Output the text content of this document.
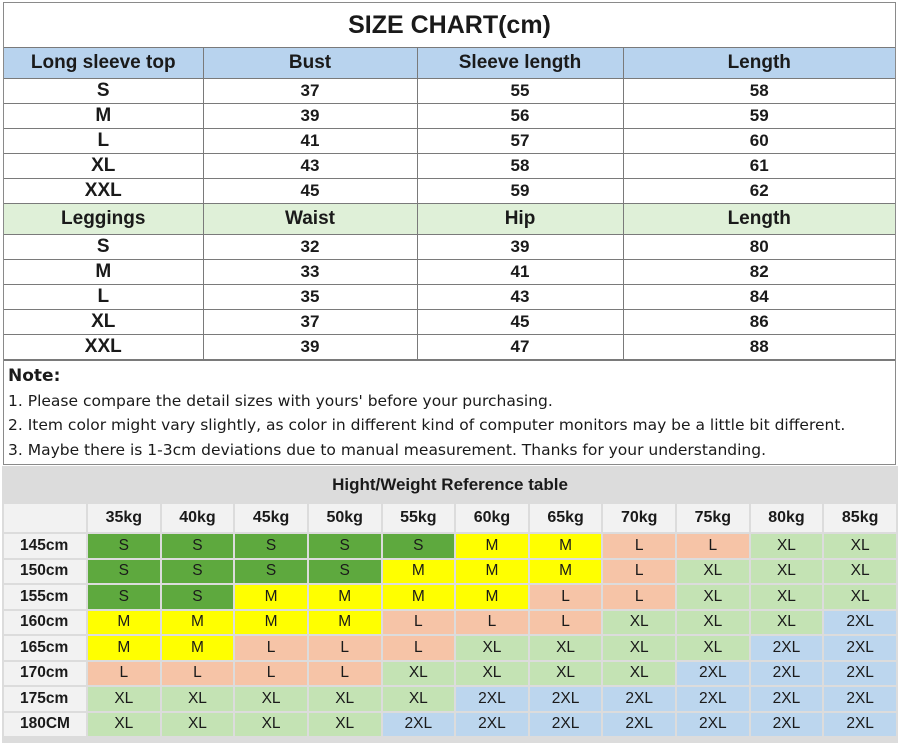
SIZE CHART(cm)
Long sleeve top	Bust	Sleeve length	Length
S	37	55	58
M	39	56	59
L	41	57	60
XL	43	58	61
XXL	45	59	62
Leggings	Waist	Hip	Length
S	32	39	80
M	33	41	82
L	35	43	84
XL	37	45	86
XXL	39	47	88
Note:
1. Please compare the detail sizes with yours' before your purchasing.
2. Item color might vary slightly, as color in different kind of computer monitors may be a little bit different.
3. Maybe there is 1-3cm deviations due to manual measurement. Thanks for your understanding.
Hight/Weight Reference table
	35kg	40kg	45kg	50kg	55kg	60kg	65kg	70kg	75kg	80kg	85kg
145cm	S	S	S	S	S	M	M	L	L	XL	XL
150cm	S	S	S	S	M	M	M	L	XL	XL	XL
155cm	S	S	M	M	M	M	L	L	XL	XL	XL
160cm	M	M	M	M	L	L	L	XL	XL	XL	2XL
165cm	M	M	L	L	L	XL	XL	XL	XL	2XL	2XL
170cm	L	L	L	L	XL	XL	XL	XL	2XL	2XL	2XL
175cm	XL	XL	XL	XL	XL	2XL	2XL	2XL	2XL	2XL	2XL
180CM	XL	XL	XL	XL	2XL	2XL	2XL	2XL	2XL	2XL	2XL
